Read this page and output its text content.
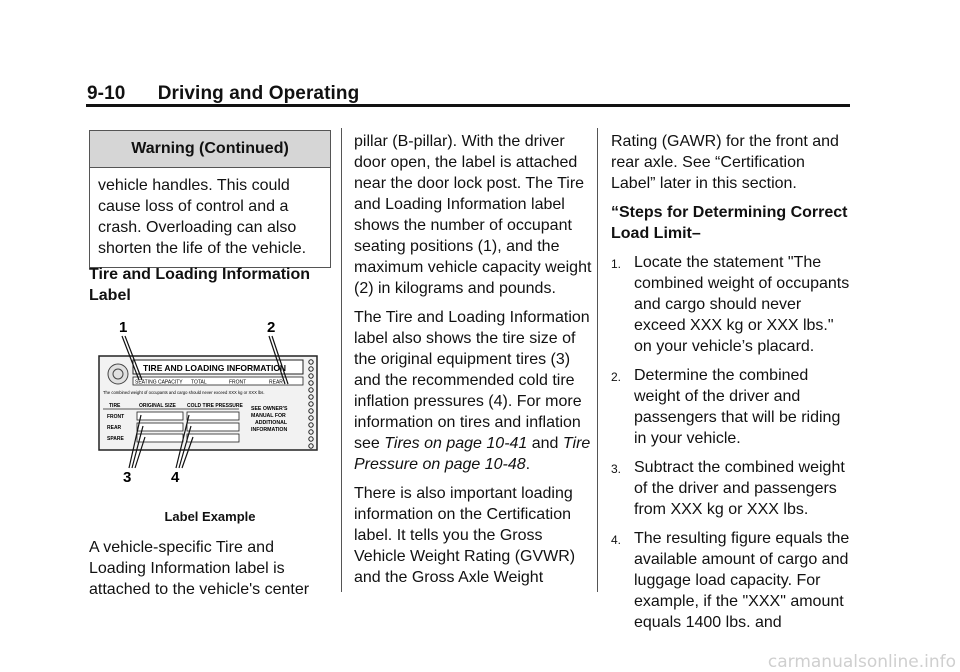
9-10      Driving and Operating
Warning (Continued)
vehicle handles. This could cause loss of control and a crash. Overloading can also shorten the life of the vehicle.

Tire and Loading Information Label

1	2
3	4
TIRE AND LOADING INFORMATION
SEATING CAPACITY TOTAL	FRONT	REAR
The combined weight of occupants and cargo should never exceed XXX kg or XXX lbs.
TIRE	ORIGINAL SIZE COLD TIRE PRESSURE
FRONT
REAR
SPARE
SEE OWNER'S
MANUAL FOR
ADDITIONAL
INFORMATION

Label Example

A vehicle-specific Tire and Loading Information label is attached to the vehicle's center

pillar (B-pillar). With the driver door open, the label is attached near the door lock post. The Tire and Loading Information label shows the number of occupant seating positions (1), and the maximum vehicle capacity weight (2) in kilograms and pounds.

The Tire and Loading Information label also shows the tire size of the original equipment tires (3) and the recommended cold tire inflation pressures (4). For more information on tires and inflation see Tires on page 10-41 and Tire Pressure on page 10-48.

There is also important loading information on the Certification label. It tells you the Gross Vehicle Weight Rating (GVWR) and the Gross Axle Weight

Rating (GAWR) for the front and rear axle. See “Certification Label” later in this section.

“Steps for Determining Correct Load Limit–

1. Locate the statement "The combined weight of occupants and cargo should never exceed XXX kg or XXX lbs." on your vehicle’s placard.
2. Determine the combined weight of the driver and passengers that will be riding in your vehicle.
3. Subtract the combined weight of the driver and passengers from XXX kg or XXX lbs.
4. The resulting figure equals the available amount of cargo and luggage load capacity. For example, if the "XXX" amount equals 1400 lbs. and
carmanualsonline.info
